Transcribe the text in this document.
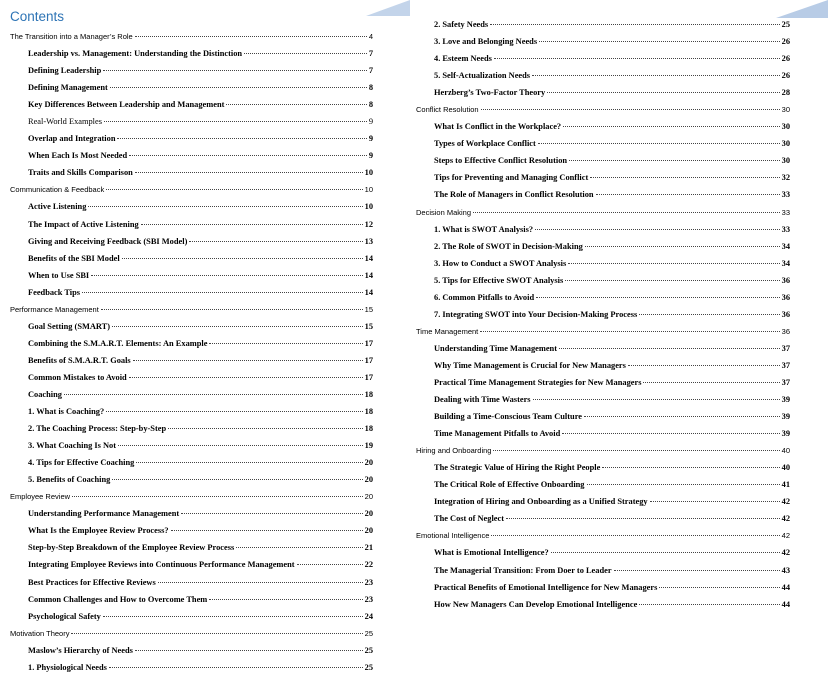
Contents
The Transition into a Manager’s Role	4
Leadership vs. Management: Understanding the Distinction	7
Defining Leadership	7
Defining Management	8
Key Differences Between Leadership and Management	8
Real-World Examples	9
Overlap and Integration	9
When Each Is Most Needed	9
Traits and Skills Comparison	10
Communication & Feedback	10
Active Listening	10
The Impact of Active Listening	12
Giving and Receiving Feedback (SBI Model)	13
Benefits of the SBI Model	14
When to Use SBI	14
Feedback Tips	14
Performance Management	15
Goal Setting (SMART)	15
Combining the S.M.A.R.T. Elements: An Example	17
Benefits of S.M.A.R.T. Goals	17
Common Mistakes to Avoid	17
Coaching	18
1. What is Coaching?	18
2. The Coaching Process: Step-by-Step	18
3. What Coaching Is Not	19
4. Tips for Effective Coaching	20
5. Benefits of Coaching	20
Employee Review	20
Understanding Performance Management	20
What Is the Employee Review Process?	20
Step-by-Step Breakdown of the Employee Review Process	21
Integrating Employee Reviews into Continuous Performance Management	22
Best Practices for Effective Reviews	23
Common Challenges and How to Overcome Them	23
Psychological Safety	24
Motivation Theory	25
Maslow’s Hierarchy of Needs	25
1. Physiological Needs	25
2. Safety Needs	25
3. Love and Belonging Needs	26
4. Esteem Needs	26
5. Self-Actualization Needs	26
Herzberg’s Two-Factor Theory	28
Conflict Resolution	30
What Is Conflict in the Workplace?	30
Types of Workplace Conflict	30
Steps to Effective Conflict Resolution	30
Tips for Preventing and Managing Conflict	32
The Role of Managers in Conflict Resolution	33
Decision Making	33
1. What is SWOT Analysis?	33
2. The Role of SWOT in Decision-Making	34
3. How to Conduct a SWOT Analysis	34
5. Tips for Effective SWOT Analysis	36
6. Common Pitfalls to Avoid	36
7. Integrating SWOT into Your Decision-Making Process	36
Time Management	36
Understanding Time Management	37
Why Time Management is Crucial for New Managers	37
Practical Time Management Strategies for New Managers	37
Dealing with Time Wasters	39
Building a Time-Conscious Team Culture	39
Time Management Pitfalls to Avoid	39
Hiring and Onboarding	40
The Strategic Value of Hiring the Right People	40
The Critical Role of Effective Onboarding	41
Integration of Hiring and Onboarding as a Unified Strategy	42
The Cost of Neglect	42
Emotional Intelligence	42
What is Emotional Intelligence?	42
The Managerial Transition: From Doer to Leader	43
Practical Benefits of Emotional Intelligence for New Managers	44
How New Managers Can Develop Emotional Intelligence	44
